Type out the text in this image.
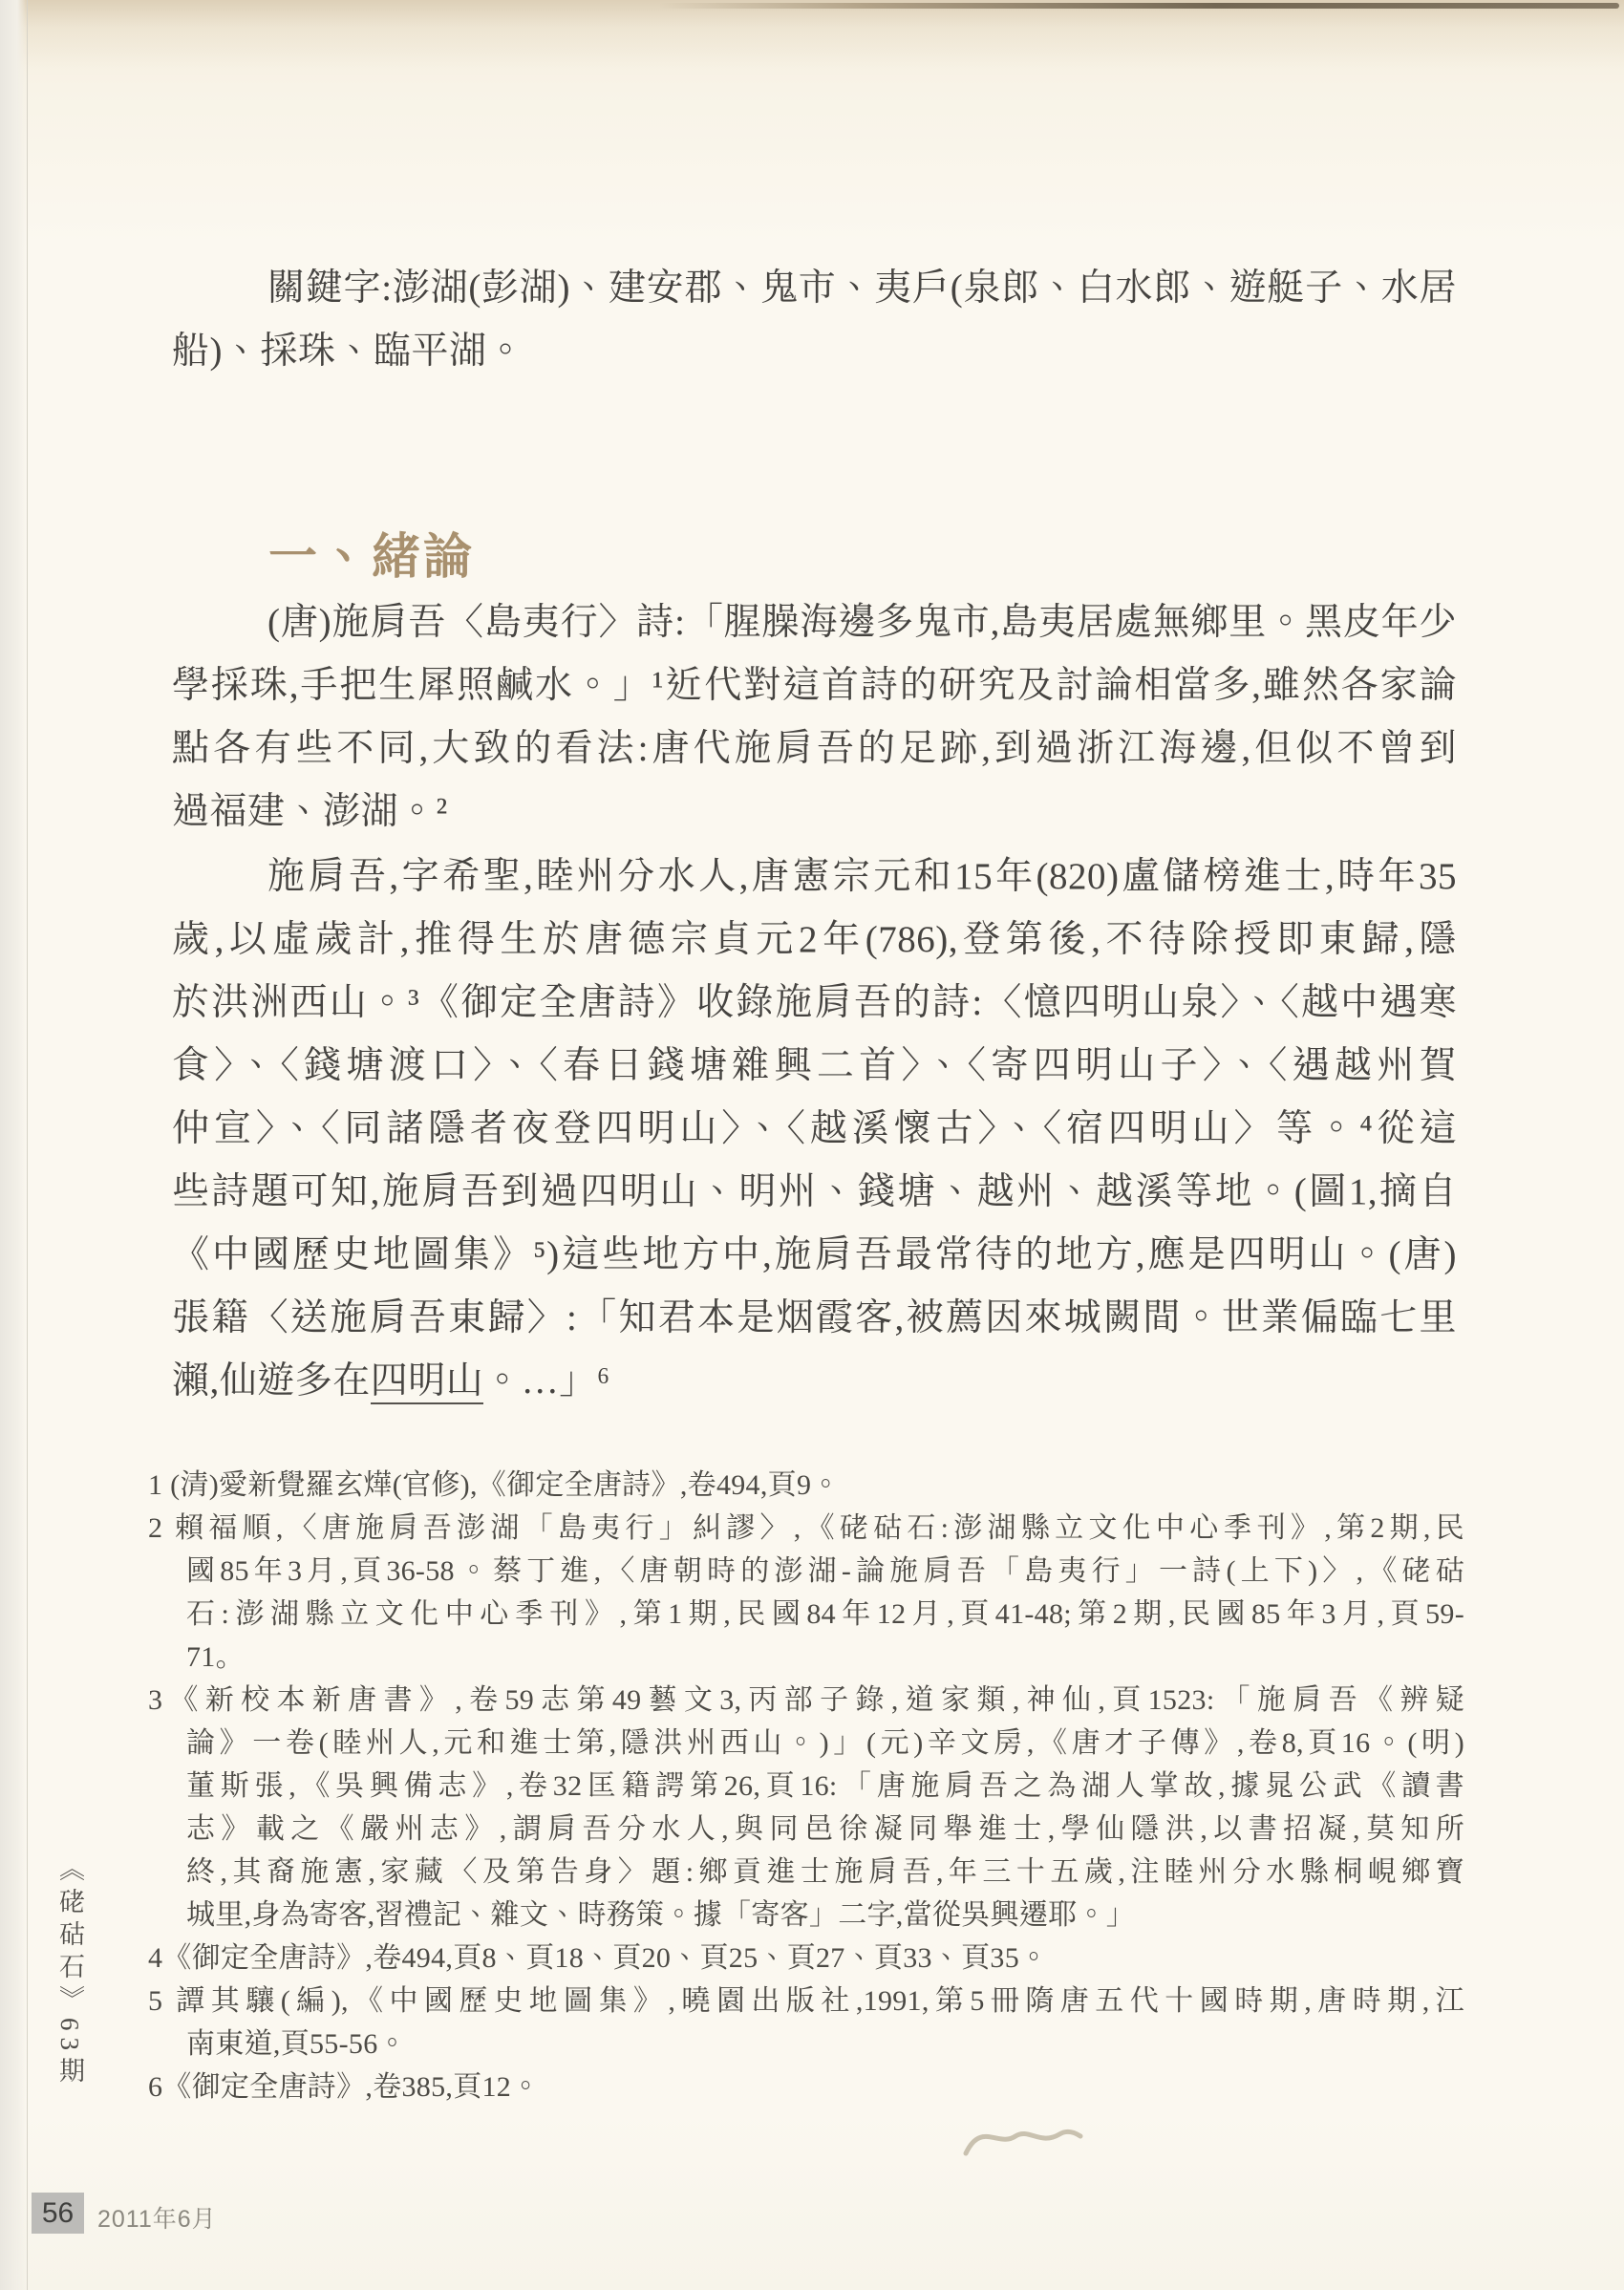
關鍵字:澎湖(彭湖)、建安郡、鬼市、夷戶(泉郎、白水郎、遊艇子、水居
船)、採珠、臨平湖。
一、緒論
(唐)施肩吾〈島夷行〉詩:「腥臊海邊多鬼市,島夷居處無鄉里。黑皮年少
學採珠,手把生犀照鹹水。」¹近代對這首詩的研究及討論相當多,雖然各家論
點各有些不同,大致的看法:唐代施肩吾的足跡,到過浙江海邊,但似不曾到
過福建、澎湖。²
施肩吾,字希聖,睦州分水人,唐憲宗元和15年(820)盧儲榜進士,時年35
歲,以虛歲計,推得生於唐德宗貞元2年(786),登第後,不待除授即東歸,隱
於洪洲西山。³《御定全唐詩》收錄施肩吾的詩:〈憶四明山泉〉、〈越中遇寒
食〉、〈錢塘渡口〉、〈春日錢塘雜興二首〉、〈寄四明山子〉、〈遇越州賀
仲宣〉、〈同諸隱者夜登四明山〉、〈越溪懷古〉、〈宿四明山〉等。⁴從這
些詩題可知,施肩吾到過四明山、明州、錢塘、越州、越溪等地。(圖1,摘自
《中國歷史地圖集》⁵)這些地方中,施肩吾最常待的地方,應是四明山。(唐)
張籍〈送施肩吾東歸〉:「知君本是烟霞客,被薦因來城闕間。世業偏臨七里
瀨,仙遊多在四明山。…」⁶
1 (清)愛新覺羅玄燁(官修),《御定全唐詩》,卷494,頁9。
2 賴福順,〈唐施肩吾澎湖「島夷行」糾謬〉,《硓𥑮石:澎湖縣立文化中心季刊》,第2期,民
國85年3月,頁36-58。蔡丁進,〈唐朝時的澎湖-論施肩吾「島夷行」一詩(上下)〉,《硓𥑮
石:澎湖縣立文化中心季刊》,第1期,民國84年12月,頁41-48;第2期,民國85年3月,頁59-
71。
3《新校本新唐書》,卷59志第49藝文3,丙部子錄,道家類,神仙,頁1523:「施肩吾《辨疑
論》一卷(睦州人,元和進士第,隱洪州西山。)」(元)辛文房,《唐才子傳》,卷8,頁16。(明)
董斯張,《吳興備志》,卷32匡籍諤第26,頁16:「唐施肩吾之為湖人掌故,據晁公武《讀書
志》載之《嚴州志》,謂肩吾分水人,與同邑徐凝同舉進士,學仙隱洪,以書招凝,莫知所
終,其裔施憲,家藏〈及第告身〉題:鄉貢進士施肩吾,年三十五歲,注睦州分水縣桐峴鄉寶
城里,身為寄客,習禮記、雜文、時務策。據「寄客」二字,當從吳興遷耶。」
4《御定全唐詩》,卷494,頁8、頁18、頁20、頁25、頁27、頁33、頁35。
5 譚其驤(編),《中國歷史地圖集》,曉園出版社,1991,第5冊隋唐五代十國時期,唐時期,江
南東道,頁55-56。
6《御定全唐詩》,卷385,頁12。
《硓𥑮石》63期
56 2011年6月
